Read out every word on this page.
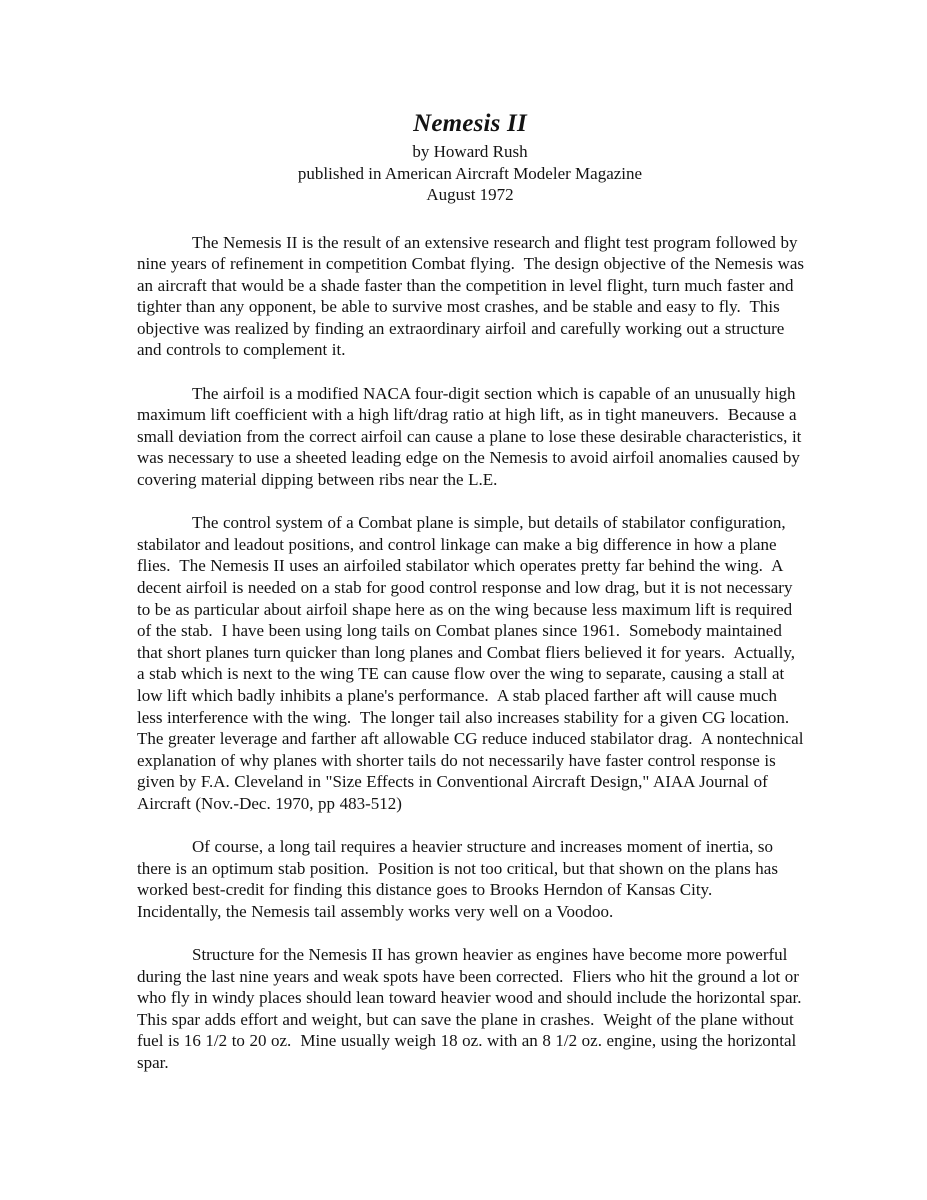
Nemesis II
by Howard Rush
published in American Aircraft Modeler Magazine
August 1972

The Nemesis II is the result of an extensive research and flight test program followed by nine years of refinement in competition Combat flying.  The design objective of the Nemesis was an aircraft that would be a shade faster than the competition in level flight, turn much faster and tighter than any opponent, be able to survive most crashes, and be stable and easy to fly.  This objective was realized by finding an extraordinary airfoil and carefully working out a structure and controls to complement it.

The airfoil is a modified NACA four-digit section which is capable of an unusually high maximum lift coefficient with a high lift/drag ratio at high lift, as in tight maneuvers.  Because a small deviation from the correct airfoil can cause a plane to lose these desirable characteristics, it was necessary to use a sheeted leading edge on the Nemesis to avoid airfoil anomalies caused by covering material dipping between ribs near the L.E.

The control system of a Combat plane is simple, but details of stabilator configuration, stabilator and leadout positions, and control linkage can make a big difference in how a plane flies.  The Nemesis II uses an airfoiled stabilator which operates pretty far behind the wing.  A decent airfoil is needed on a stab for good control response and low drag, but it is not necessary to be as particular about airfoil shape here as on the wing because less maximum lift is required of the stab.  I have been using long tails on Combat planes since 1961.  Somebody maintained that short planes turn quicker than long planes and Combat fliers believed it for years.  Actually, a stab which is next to the wing TE can cause flow over the wing to separate, causing a stall at low lift which badly inhibits a plane's performance.  A stab placed farther aft will cause much less interference with the wing.  The longer tail also increases stability for a given CG location.  The greater leverage and farther aft allowable CG reduce induced stabilator drag.  A nontechnical explanation of why planes with shorter tails do not necessarily have faster control response is given by F.A. Cleveland in "Size Effects in Conventional Aircraft Design," AIAA Journal of Aircraft (Nov.-Dec. 1970, pp 483-512)

Of course, a long tail requires a heavier structure and increases moment of inertia, so there is an optimum stab position.  Position is not too critical, but that shown on the plans has worked best-credit for finding this distance goes to Brooks Herndon of Kansas City.  Incidentally, the Nemesis tail assembly works very well on a Voodoo.

Structure for the Nemesis II has grown heavier as engines have become more powerful during the last nine years and weak spots have been corrected.  Fliers who hit the ground a lot or who fly in windy places should lean toward heavier wood and should include the horizontal spar.  This spar adds effort and weight, but can save the plane in crashes.  Weight of the plane without fuel is 16 1/2 to 20 oz.  Mine usually weigh 18 oz. with an 8 1/2 oz. engine, using the horizontal spar.
